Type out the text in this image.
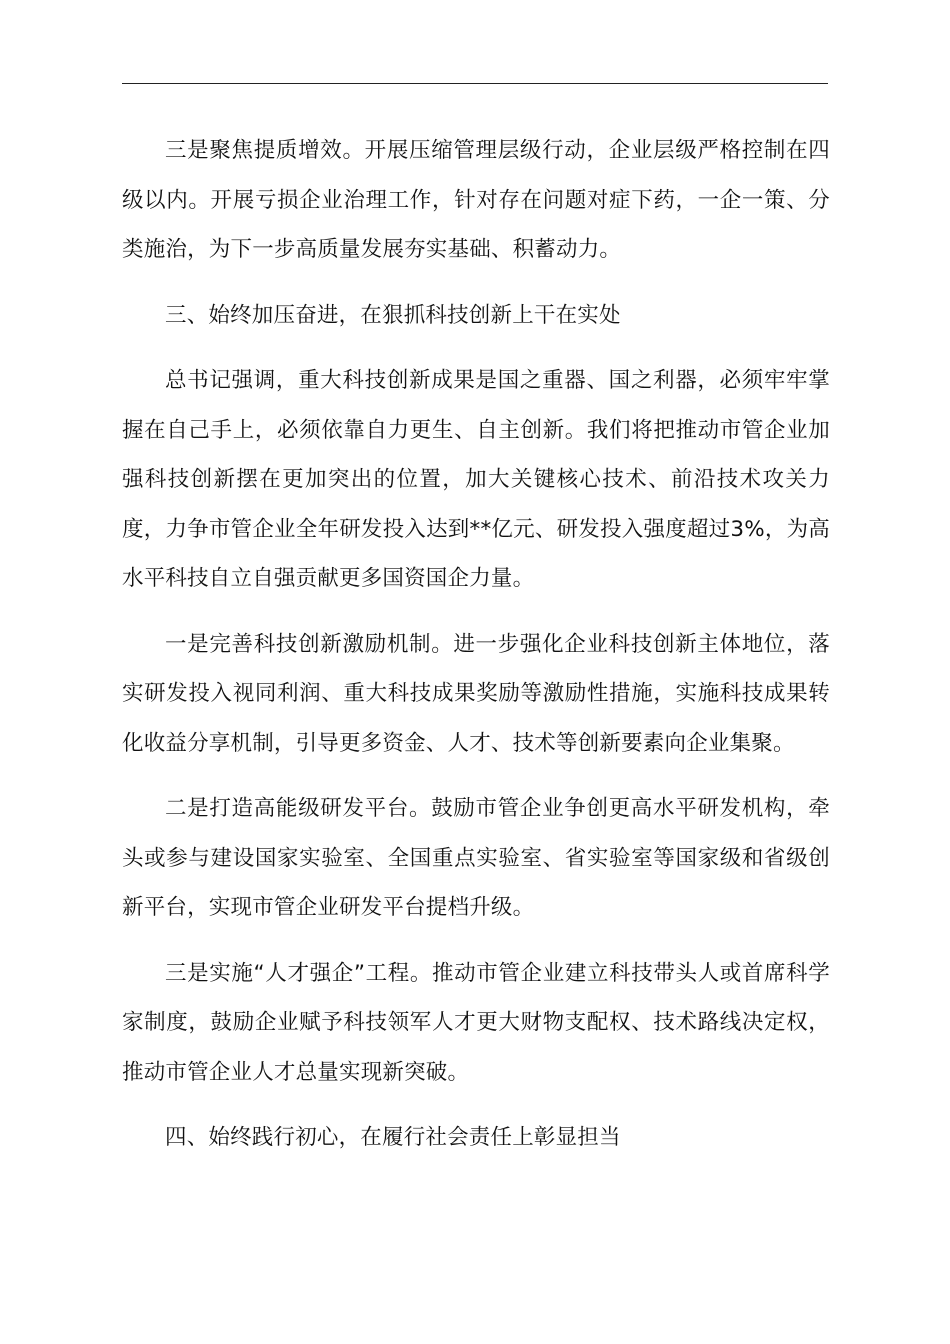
三是聚焦提质增效。开展压缩管理层级行动，企业层级严格控制在四级以内。开展亏损企业治理工作，针对存在问题对症下药，一企一策、分类施治，为下一步高质量发展夯实基础、积蓄动力。

三、始终加压奋进，在狠抓科技创新上干在实处

总书记强调，重大科技创新成果是国之重器、国之利器，必须牢牢掌握在自己手上，必须依靠自力更生、自主创新。我们将把推动市管企业加强科技创新摆在更加突出的位置，加大关键核心技术、前沿技术攻关力度，力争市管企业全年研发投入达到**亿元、研发投入强度超过3%，为高水平科技自立自强贡献更多国资国企力量。

一是完善科技创新激励机制。进一步强化企业科技创新主体地位，落实研发投入视同利润、重大科技成果奖励等激励性措施，实施科技成果转化收益分享机制，引导更多资金、人才、技术等创新要素向企业集聚。

二是打造高能级研发平台。鼓励市管企业争创更高水平研发机构，牵头或参与建设国家实验室、全国重点实验室、省实验室等国家级和省级创新平台，实现市管企业研发平台提档升级。

三是实施“人才强企”工程。推动市管企业建立科技带头人或首席科学家制度，鼓励企业赋予科技领军人才更大财物支配权、技术路线决定权，推动市管企业人才总量实现新突破。

四、始终践行初心，在履行社会责任上彰显担当
